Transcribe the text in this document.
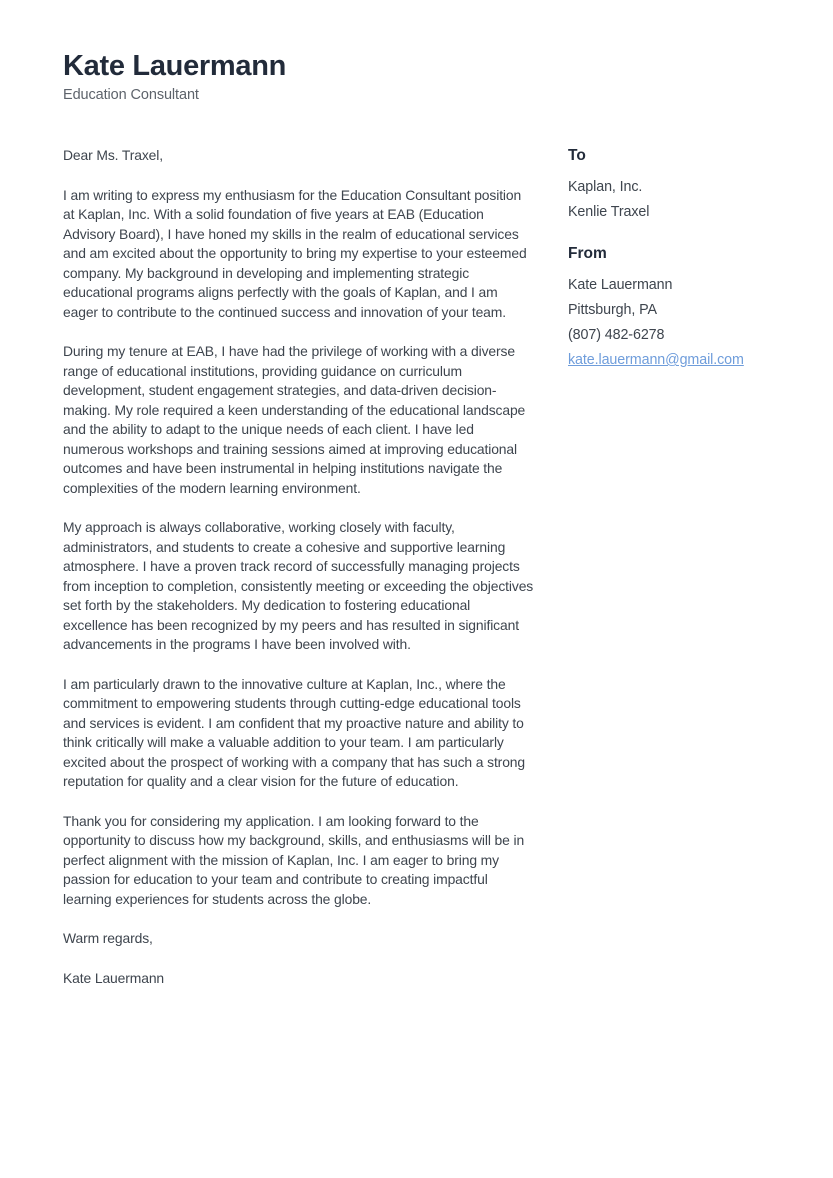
Kate Lauermann
Education Consultant

Dear Ms. Traxel,

I am writing to express my enthusiasm for the Education Consultant position at Kaplan, Inc. With a solid foundation of five years at EAB (Education Advisory Board), I have honed my skills in the realm of educational services and am excited about the opportunity to bring my expertise to your esteemed company. My background in developing and implementing strategic educational programs aligns perfectly with the goals of Kaplan, and I am eager to contribute to the continued success and innovation of your team.

During my tenure at EAB, I have had the privilege of working with a diverse range of educational institutions, providing guidance on curriculum development, student engagement strategies, and data-driven decision-making. My role required a keen understanding of the educational landscape and the ability to adapt to the unique needs of each client. I have led numerous workshops and training sessions aimed at improving educational outcomes and have been instrumental in helping institutions navigate the complexities of the modern learning environment.

My approach is always collaborative, working closely with faculty, administrators, and students to create a cohesive and supportive learning atmosphere. I have a proven track record of successfully managing projects from inception to completion, consistently meeting or exceeding the objectives set forth by the stakeholders. My dedication to fostering educational excellence has been recognized by my peers and has resulted in significant advancements in the programs I have been involved with.

I am particularly drawn to the innovative culture at Kaplan, Inc., where the commitment to empowering students through cutting-edge educational tools and services is evident. I am confident that my proactive nature and ability to think critically will make a valuable addition to your team. I am particularly excited about the prospect of working with a company that has such a strong reputation for quality and a clear vision for the future of education.

Thank you for considering my application. I am looking forward to the opportunity to discuss how my background, skills, and enthusiasms will be in perfect alignment with the mission of Kaplan, Inc. I am eager to bring my passion for education to your team and contribute to creating impactful learning experiences for students across the globe.

Warm regards,

Kate Lauermann

To
Kaplan, Inc.
Kenlie Traxel
From
Kate Lauermann
Pittsburgh, PA
(807) 482-6278
kate.lauermann@gmail.com
